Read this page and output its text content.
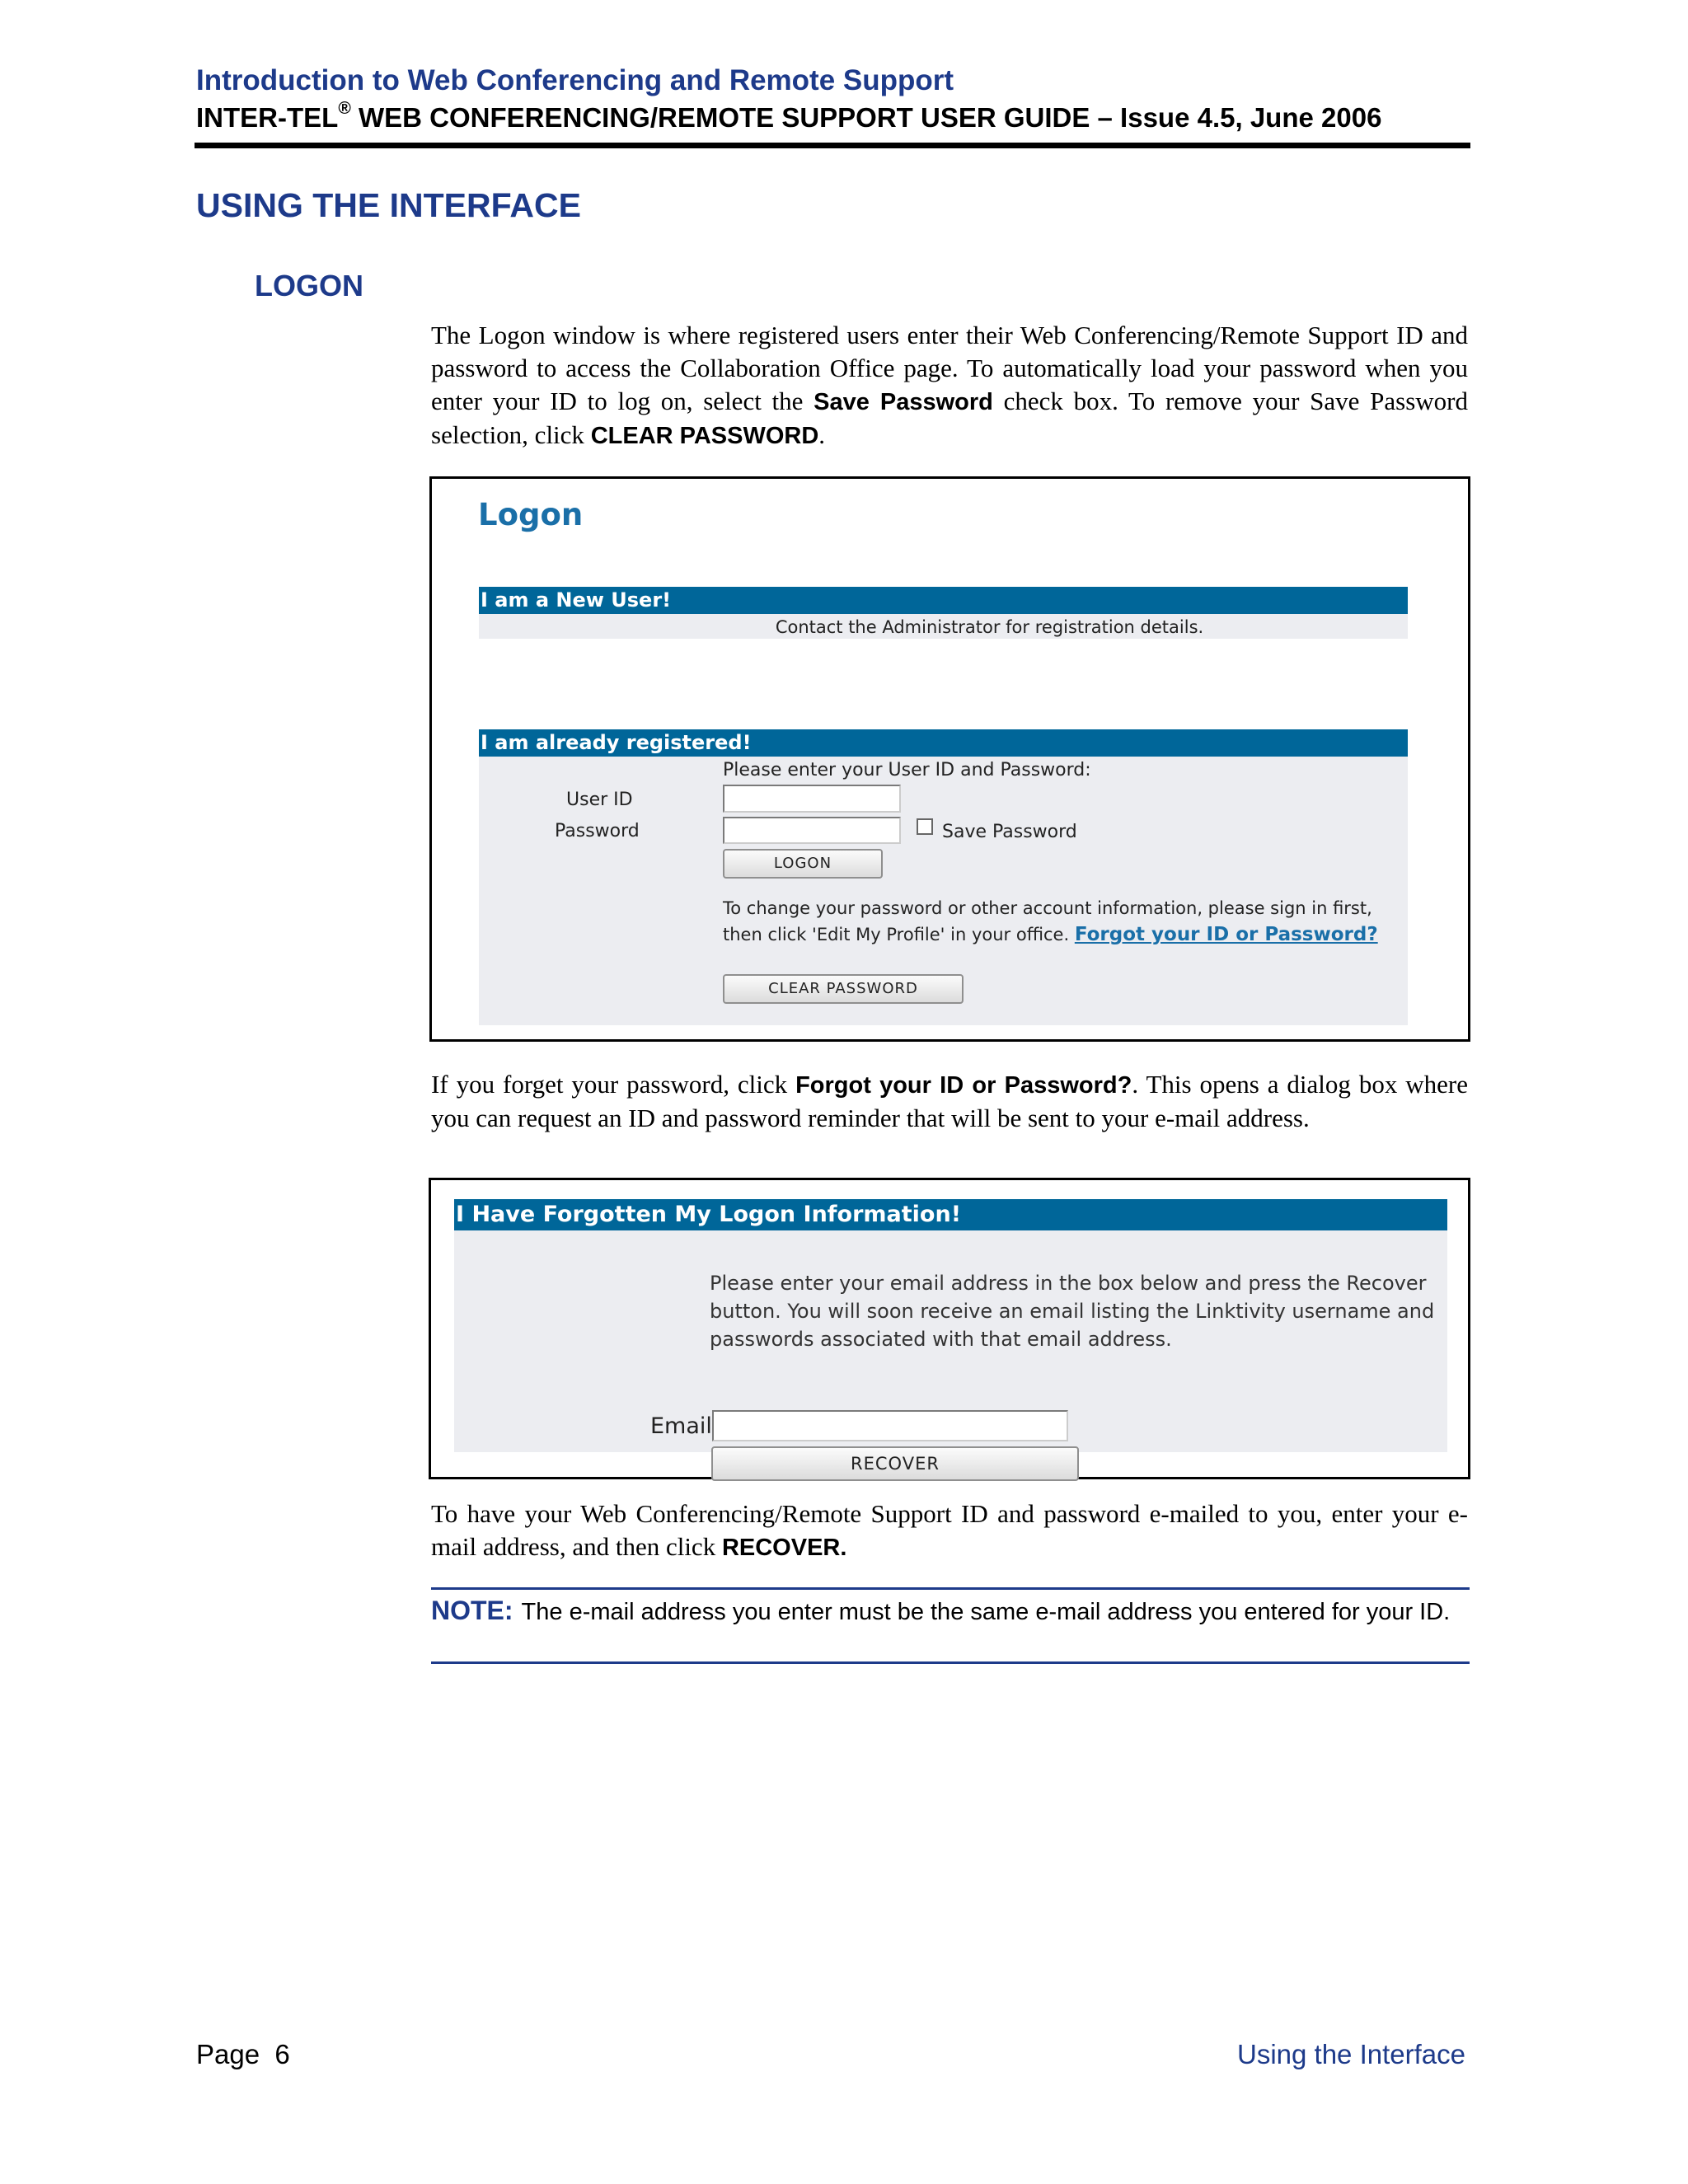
Introduction to Web Conferencing and Remote Support
INTER-TEL® WEB CONFERENCING/REMOTE SUPPORT USER GUIDE – Issue 4.5, June 2006
USING THE INTERFACE
LOGON
The Logon window is where registered users enter their Web Conferencing/Remote Support ID and password to access the Collaboration Office page. To automatically load your password when you enter your ID to log on, select the Save Password check box. To remove your Save Password selection, click CLEAR PASSWORD.
Logon
I am a New User!
Contact the Administrator for registration details.
I am already registered!
Please enter your User ID and Password:
User ID
Password	Save Password
LOGON
To change your password or other account information, please sign in first,
then click 'Edit My Profile' in your office. Forgot your ID or Password?
CLEAR PASSWORD
If you forget your password, click Forgot your ID or Password?. This opens a dialog box where you can request an ID and password reminder that will be sent to your e-mail address.
I Have Forgotten My Logon Information!
Please enter your email address in the box below and press the Recover button. You will soon receive an email listing the Linktivity username and passwords associated with that email address.
Email
RECOVER
To have your Web Conferencing/Remote Support ID and password e-mailed to you, enter your e-mail address, and then click RECOVER.
NOTE: The e-mail address you enter must be the same e-mail address you entered for your ID.
Page  6	Using the Interface
